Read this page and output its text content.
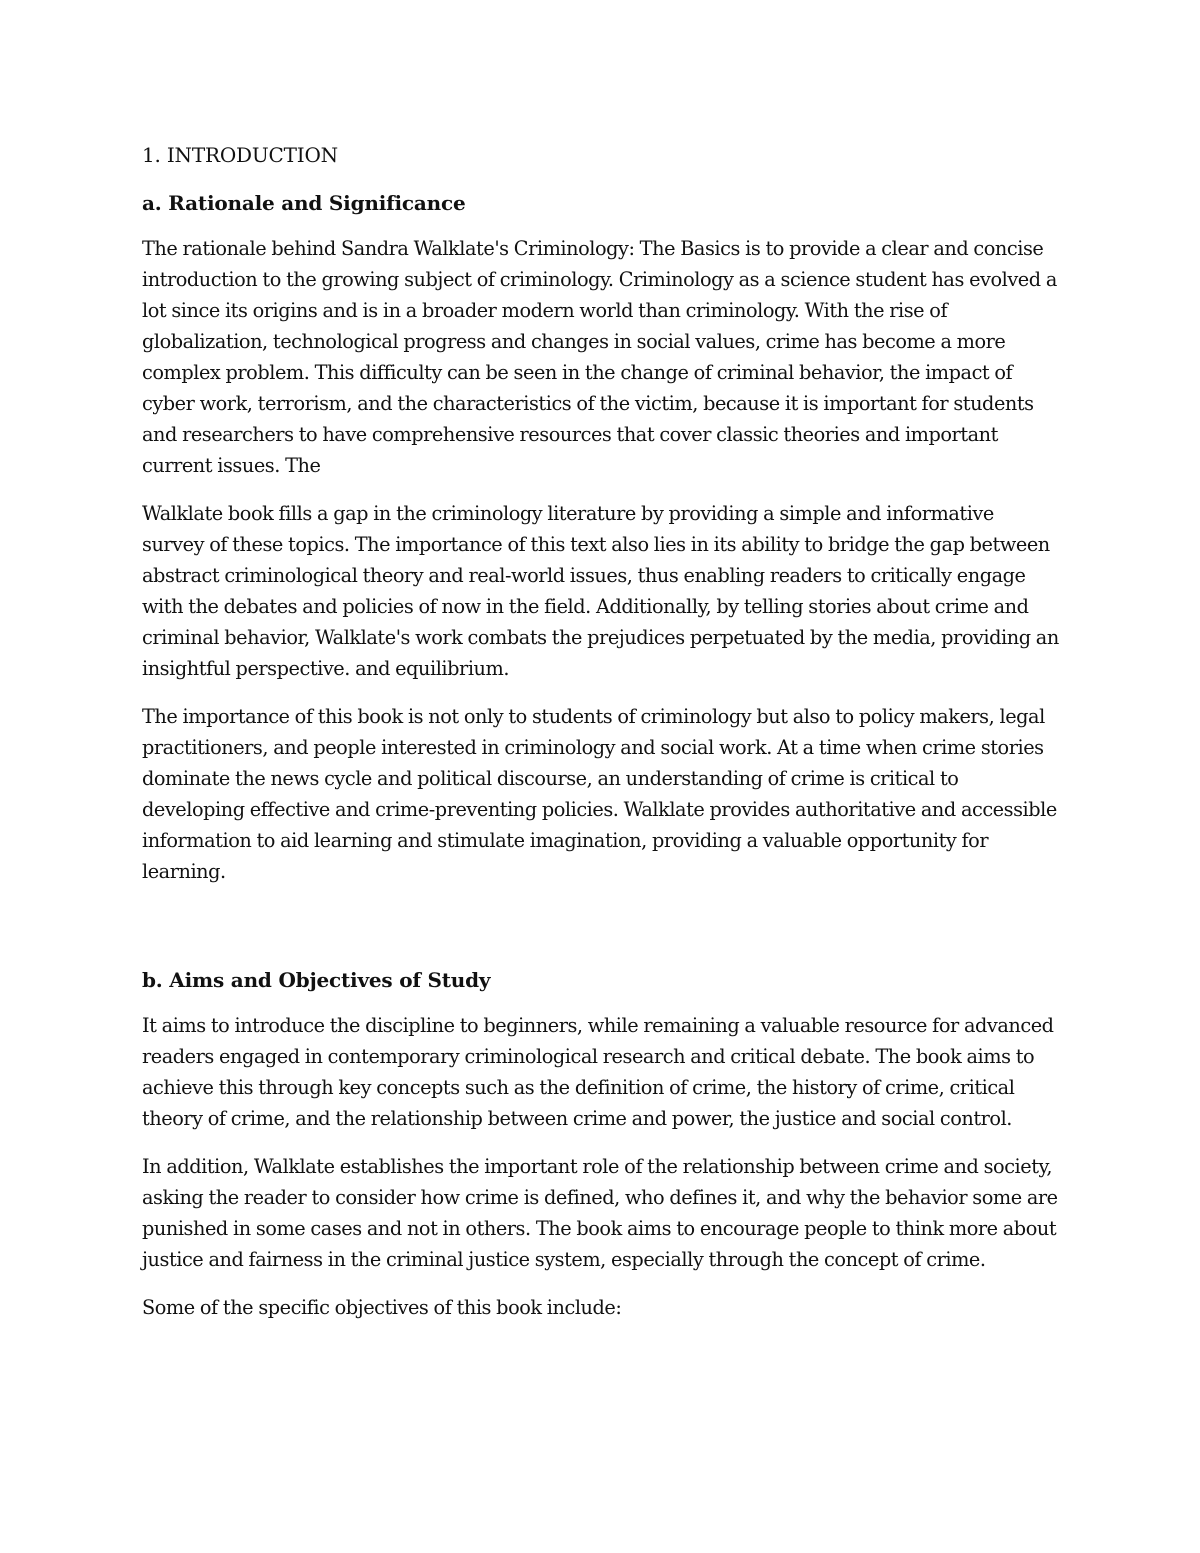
1. INTRODUCTION
a. Rationale and Significance

The rationale behind Sandra Walklate's Criminology: The Basics is to provide a clear and concise introduction to the growing subject of criminology. Criminology as a science student has evolved a lot since its origins and is in a broader modern world than criminology. With the rise of globalization, technological progress and changes in social values, crime has become a more complex problem. This difficulty can be seen in the change of criminal behavior, the impact of cyber work, terrorism, and the characteristics of the victim, because it is important for students and researchers to have comprehensive resources that cover classic theories and important current issues. The

Walklate book fills a gap in the criminology literature by providing a simple and informative survey of these topics. The importance of this text also lies in its ability to bridge the gap between abstract criminological theory and real-world issues, thus enabling readers to critically engage with the debates and policies of now in the field. Additionally, by telling stories about crime and criminal behavior, Walklate's work combats the prejudices perpetuated by the media, providing an insightful perspective. and equilibrium.

The importance of this book is not only to students of criminology but also to policy makers, legal practitioners, and people interested in criminology and social work. At a time when crime stories dominate the news cycle and political discourse, an understanding of crime is critical to developing effective and crime-preventing policies. Walklate provides authoritative and accessible information to aid learning and stimulate imagination, providing a valuable opportunity for learning.

b. Aims and Objectives of Study

It aims to introduce the discipline to beginners, while remaining a valuable resource for advanced readers engaged in contemporary criminological research and critical debate. The book aims to achieve this through key concepts such as the definition of crime, the history of crime, critical theory of crime, and the relationship between crime and power, the justice and social control.

In addition, Walklate establishes the important role of the relationship between crime and society, asking the reader to consider how crime is defined, who defines it, and why the behavior some are punished in some cases and not in others. The book aims to encourage people to think more about justice and fairness in the criminal justice system, especially through the concept of crime.

Some of the specific objectives of this book include:
